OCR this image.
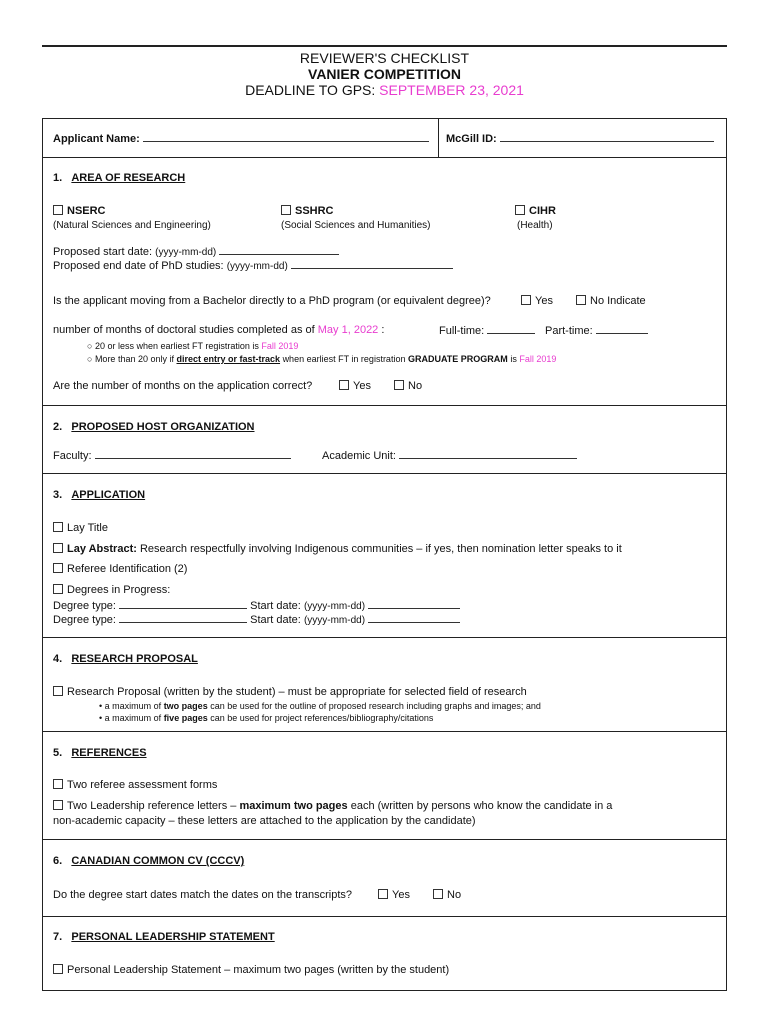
REVIEWER'S CHECKLIST
VANIER COMPETITION
DEADLINE TO GPS: SEPTEMBER 23, 2021
Applicant Name:	McGill ID:
1. AREA OF RESEARCH
NSERC
(Natural Sciences and Engineering)
SSHRC
(Social Sciences and Humanities)
CIHR
(Health)
Proposed start date: (yyyy-mm-dd)
Proposed end date of PhD studies: (yyyy-mm-dd)
Is the applicant moving from a Bachelor directly to a PhD program (or equivalent degree)?	Yes	No Indicate
number of months of doctoral studies completed as of May 1, 2022 :	Full-time:	Part-time:
○ 20 or less when earliest FT registration is Fall 2019
○ More than 20 only if direct entry or fast-track when earliest FT in registration GRADUATE PROGRAM is Fall 2019
Are the number of months on the application correct?	Yes	No
2. PROPOSED HOST ORGANIZATION
Faculty:	Academic Unit:
3. APPLICATION
Lay Title
Lay Abstract: Research respectfully involving Indigenous communities – if yes, then nomination letter speaks to it
Referee Identification (2)
Degrees in Progress:
Degree type:	Start date: (yyyy-mm-dd)
Degree type:	Start date: (yyyy-mm-dd)
4. RESEARCH PROPOSAL
Research Proposal (written by the student) – must be appropriate for selected field of research
• a maximum of two pages can be used for the outline of proposed research including graphs and images; and
• a maximum of five pages can be used for project references/bibliography/citations
5. REFERENCES
Two referee assessment forms
Two Leadership reference letters – maximum two pages each (written by persons who know the candidate in a
non-academic capacity – these letters are attached to the application by the candidate)
6. CANADIAN COMMON CV (CCCV)
Do the degree start dates match the dates on the transcripts?	Yes	No
7. PERSONAL LEADERSHIP STATEMENT
Personal Leadership Statement – maximum two pages (written by the student)
